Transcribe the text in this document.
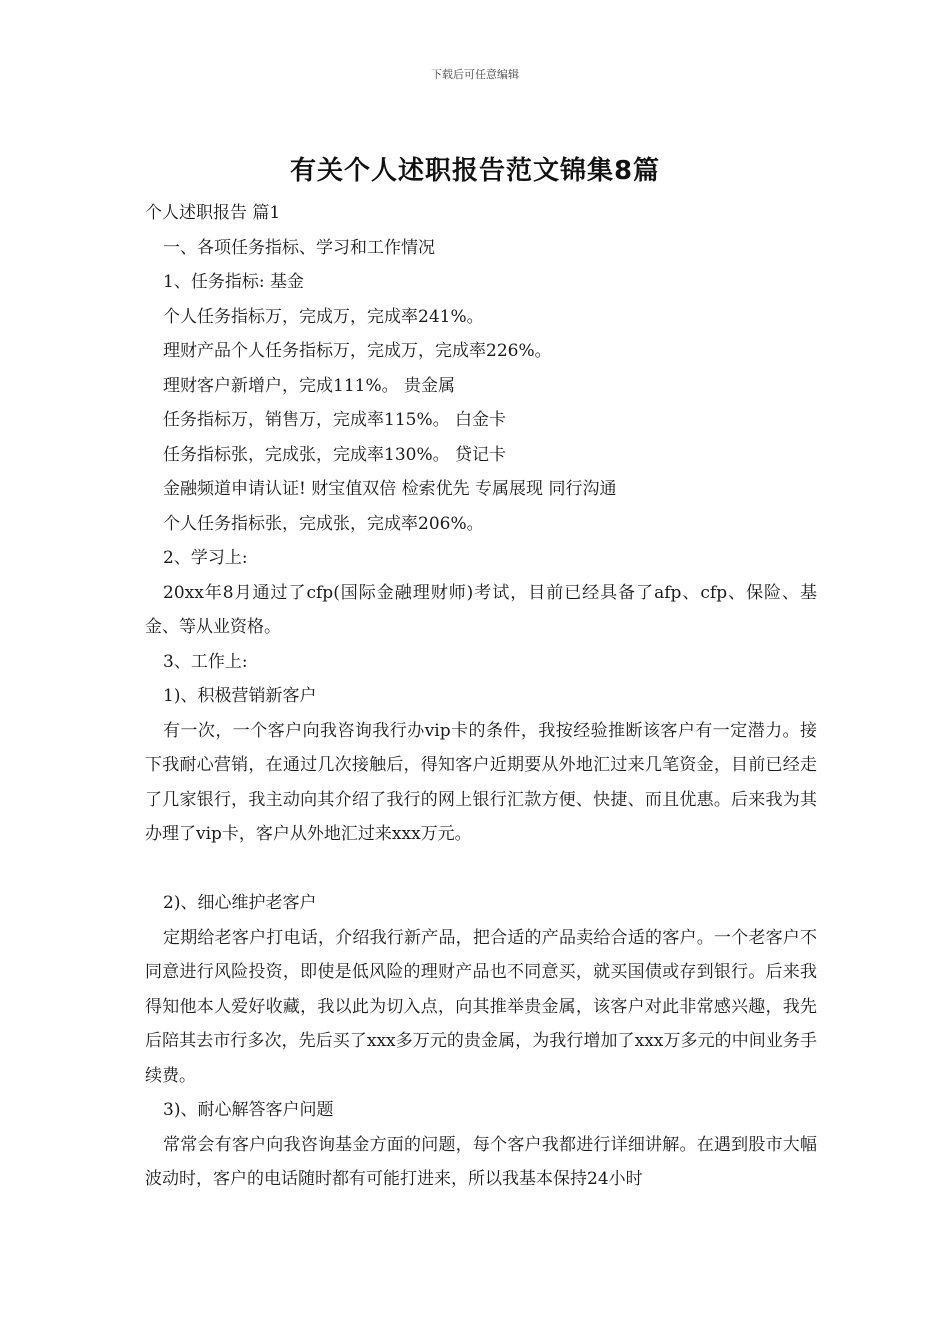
下载后可任意编辑
有关个人述职报告范文锦集8篇

个人述职报告 篇1

一、各项任务指标、学习和工作情况

1、任务指标: 基金

个人任务指标万，完成万，完成率241%。

理财产品个人任务指标万，完成万，完成率226%。

理财客户新增户，完成111%。 贵金属

任务指标万，销售万，完成率115%。 白金卡

任务指标张，完成张，完成率130%。 贷记卡

金融频道申请认证! 财宝值双倍 检索优先 专属展现 同行沟通

个人任务指标张，完成张，完成率206%。

2、学习上:

20xx年8月通过了cfp(国际金融理财师)考试，目前已经具备了afp、cfp、保险、基金、等从业资格。

3、工作上:

1)、积极营销新客户

有一次，一个客户向我咨询我行办vip卡的条件，我按经验推断该客户有一定潜力。接下我耐心营销，在通过几次接触后，得知客户近期要从外地汇过来几笔资金，目前已经走了几家银行，我主动向其介绍了我行的网上银行汇款方便、快捷、而且优惠。后来我为其办理了vip卡，客户从外地汇过来xxx万元。

2)、细心维护老客户

定期给老客户打电话，介绍我行新产品，把合适的产品卖给合适的客户。一个老客户不同意进行风险投资，即使是低风险的理财产品也不同意买，就买国债或存到银行。后来我得知他本人爱好收藏，我以此为切入点，向其推举贵金属，该客户对此非常感兴趣，我先后陪其去市行多次，先后买了xxx多万元的贵金属，为我行增加了xxx万多元的中间业务手续费。

3)、耐心解答客户问题

常常会有客户向我咨询基金方面的问题，每个客户我都进行详细讲解。在遇到股市大幅波动时，客户的电话随时都有可能打进来，所以我基本保持24小时
